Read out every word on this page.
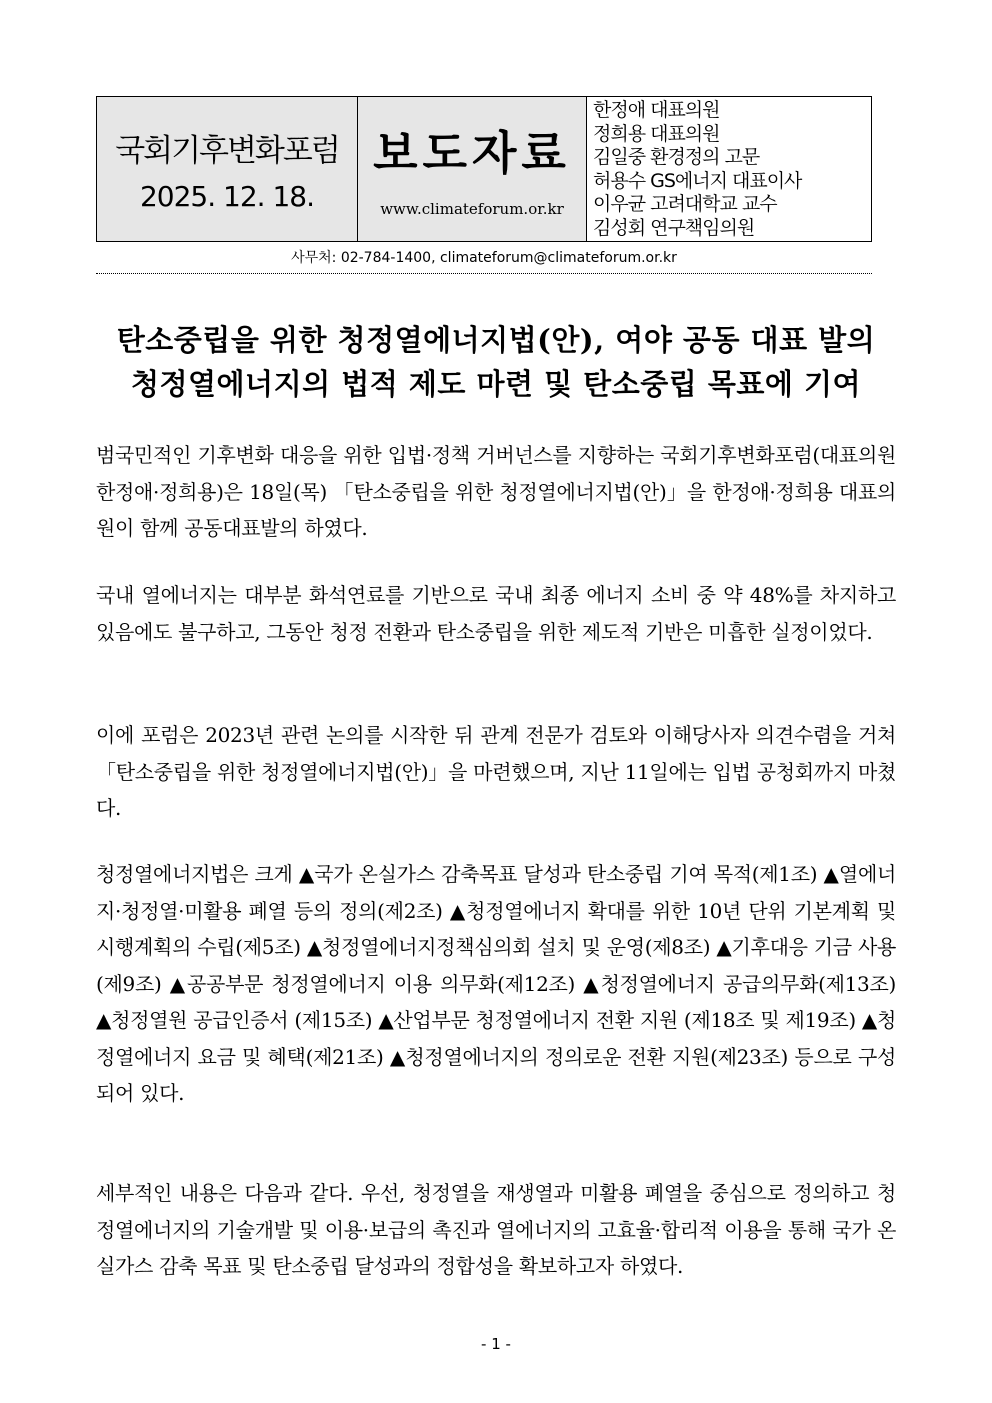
국회기후변화포럼
2025. 12. 18.
보도자료
www.climateforum.or.kr
한정애 대표의원
정희용 대표의원
김일중 환경정의 고문
허용수 GS에너지 대표이사
이우균 고려대학교 교수
김성회 연구책임의원
사무처: 02-784-1400, climateforum@climateforum.or.kr
탄소중립을 위한 청정열에너지법(안), 여야 공동 대표 발의
청정열에너지의 법적 제도 마련 및 탄소중립 목표에 기여

범국민적인 기후변화 대응을 위한 입법·정책 거버넌스를 지향하는 국회기후변화포럼(대표의원 한정애·정희용)은 18일(목) 「탄소중립을 위한 청정열에너지법(안)」을 한정애·정희용 대표의원이 함께 공동대표발의 하였다.

국내 열에너지는 대부분 화석연료를 기반으로 국내 최종 에너지 소비 중 약 48%를 차지하고 있음에도 불구하고, 그동안 청정 전환과 탄소중립을 위한 제도적 기반은 미흡한 실정이었다.

이에 포럼은 2023년 관련 논의를 시작한 뒤 관계 전문가 검토와 이해당사자 의견수렴을 거쳐 「탄소중립을 위한 청정열에너지법(안)」을 마련했으며, 지난 11일에는 입법 공청회까지 마쳤다.

청정열에너지법은 크게 ▲국가 온실가스 감축목표 달성과 탄소중립 기여 목적(제1조) ▲열에너지·청정열·미활용 폐열 등의 정의(제2조) ▲청정열에너지 확대를 위한 10년 단위 기본계획 및 시행계획의 수립(제5조) ▲청정열에너지정책심의회 설치 및 운영(제8조) ▲기후대응 기금 사용(제9조) ▲공공부문 청정열에너지 이용 의무화(제12조) ▲청정열에너지 공급의무화(제13조) ▲청정열원 공급인증서 (제15조) ▲산업부문 청정열에너지 전환 지원 (제18조 및 제19조) ▲청정열에너지 요금 및 혜택(제21조) ▲청정열에너지의 정의로운 전환 지원(제23조) 등으로 구성되어 있다.

세부적인 내용은 다음과 같다. 우선, 청정열을 재생열과 미활용 폐열을 중심으로 정의하고 청정열에너지의 기술개발 및 이용·보급의 촉진과 열에너지의 고효율·합리적 이용을 통해 국가 온실가스 감축 목표 및 탄소중립 달성과의 정합성을 확보하고자 하였다.

- 1 -
